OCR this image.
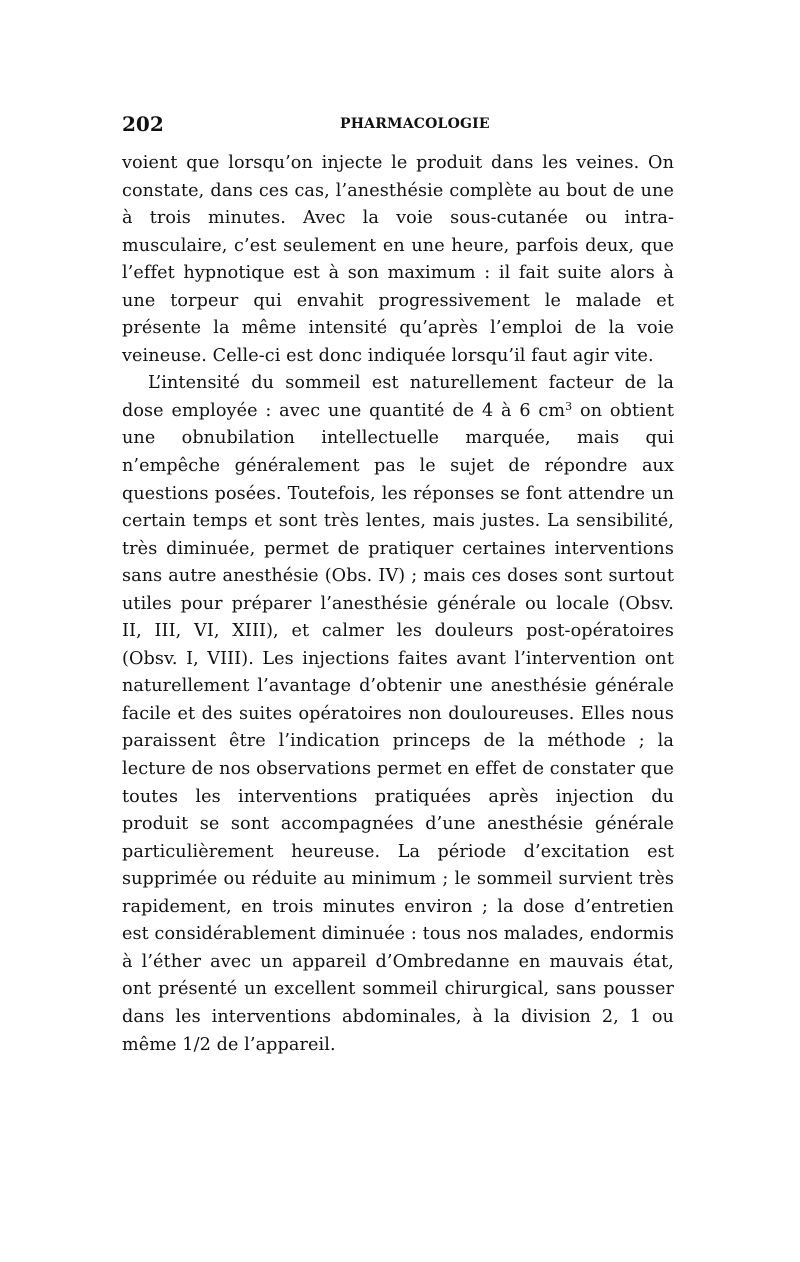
202	PHARMACOLOGIE

voient que lorsqu’on injecte le produit dans les veines. On constate, dans ces cas, l’anesthésie complète au bout de une à trois minutes. Avec la voie sous-cutanée ou intra-musculaire, c’est seulement en une heure, parfois deux, que l’effet hypnotique est à son maximum : il fait suite alors à une torpeur qui envahit progressivement le malade et présente la même intensité qu’après l’emploi de la voie veineuse. Celle-ci est donc indiquée lorsqu’il faut agir vite.

L’intensité du sommeil est naturellement facteur de la dose employée : avec une quantité de 4 à 6 $cm^3$ on obtient une obnubilation intellectuelle marquée, mais qui n’empêche généralement pas le sujet de répondre aux questions posées. Toutefois, les réponses se font attendre un certain temps et sont très lentes, mais justes. La sensibilité, très diminuée, permet de pratiquer certaines interventions sans autre anesthésie (Obs. IV) ; mais ces doses sont surtout utiles pour préparer l’anesthésie générale ou locale (Obsv. II, III, VI, XIII), et calmer les douleurs post-opératoires (Obsv. I, VIII). Les injections faites avant l’intervention ont naturellement l’avantage d’obtenir une anesthésie générale facile et des suites opératoires non douloureuses. Elles nous paraissent être l’indication princeps de la méthode ; la lecture de nos observations permet en effet de constater que toutes les interventions pratiquées après injection du produit se sont accompagnées d’une anesthésie générale particulièrement heureuse. La période d’excitation est supprimée ou réduite au minimum ; le sommeil survient très rapidement, en trois minutes environ ; la dose d’entretien est considérablement diminuée : tous nos malades, endormis à l’éther avec un appareil d’Ombredanne en mauvais état, ont présenté un excellent sommeil chirurgical, sans pousser dans les interventions abdominales, à la division 2, 1 ou même 1/2 de l’appareil.
